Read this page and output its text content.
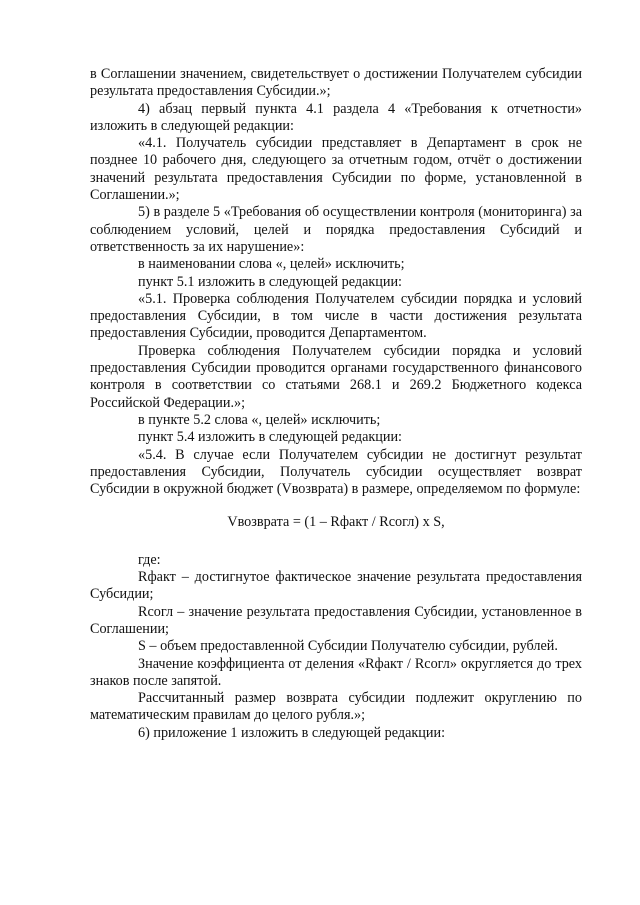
в Соглашении значением, свидетельствует о достижении Получателем субсидии результата предоставления Субсидии.»;

4) абзац первый пункта 4.1 раздела 4 «Требования к отчетности» изложить в следующей редакции:

«4.1. Получатель субсидии представляет в Департамент в срок не позднее 10 рабочего дня, следующего за отчетным годом, отчёт о достижении значений результата предоставления Субсидии по форме, установленной в Соглашении.»;

5) в разделе 5 «Требования об осуществлении контроля (мониторинга) за соблюдением условий, целей и порядка предоставления Субсидий и ответственность за их нарушение»:

в наименовании слова «, целей» исключить;

пункт 5.1 изложить в следующей редакции:

«5.1. Проверка соблюдения Получателем субсидии порядка и условий предоставления Субсидии, в том числе в части достижения результата предоставления Субсидии, проводится Департаментом.

Проверка соблюдения Получателем субсидии порядка и условий предоставления Субсидии проводится органами государственного финансового контроля в соответствии со статьями 268.1 и 269.2 Бюджетного кодекса Российской Федерации.»;

в пункте 5.2 слова «, целей» исключить;

пункт 5.4 изложить в следующей редакции:

«5.4. В случае если Получателем субсидии не достигнут результат предоставления Субсидии, Получатель субсидии осуществляет возврат Субсидии в окружной бюджет (Vвозврата) в размере, определяемом по формуле:

Vвозврата = (1 – Rфакт / Rсогл) x S,

где:

Rфакт – достигнутое фактическое значение результата предоставления Субсидии;

Rсогл – значение результата предоставления Субсидии, установленное в Соглашении;

S – объем предоставленной Субсидии Получателю субсидии, рублей.

Значение коэффициента от деления «Rфакт / Rсогл» округляется до трех знаков после запятой.

Рассчитанный размер возврата субсидии подлежит округлению по математическим правилам до целого рубля.»;

6) приложение 1 изложить в следующей редакции:
